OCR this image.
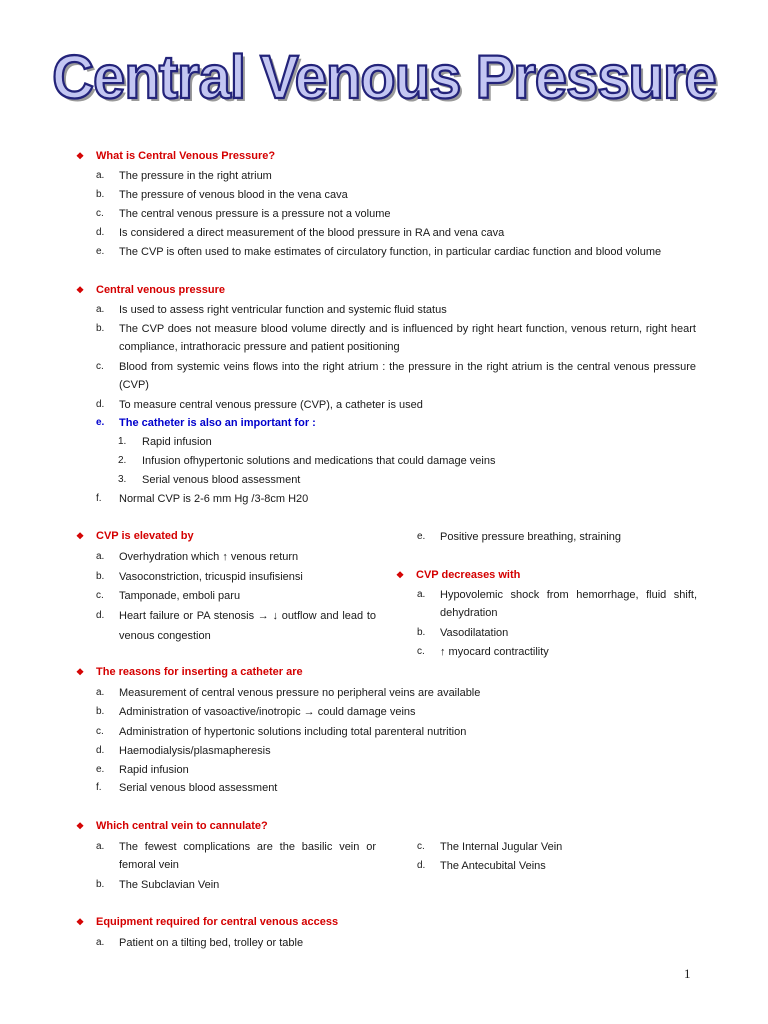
Central Venous Pressure
❖	What is Central Venous Pressure?
a.	The pressure in the right atrium
b.	The pressure of venous blood in the vena cava
c.	The central venous pressure is a pressure not a volume
d.	Is considered a direct measurement of the blood pressure in RA and vena cava
e.	The CVP is often used to make estimates of circulatory function, in particular cardiac function and blood volume
❖	Central venous pressure
a.	Is used to assess right ventricular function and systemic fluid status
b.	The CVP does not measure blood volume directly and is influenced by right heart function, venous return, right heart compliance, intrathoracic pressure and patient positioning
c.	Blood from systemic veins flows into the right atrium : the pressure in the right atrium is the central venous pressure (CVP)
d.	To measure central venous pressure (CVP), a catheter is used
e.	The catheter is also an important for :
1.	Rapid infusion
2.	Infusion ofhypertonic solutions and medications that could damage veins
3.	Serial venous blood assessment
f.	Normal CVP is 2-6 mm Hg /3-8cm H20
❖	CVP is elevated by
a.	Overhydration which ↑ venous return
b.	Vasoconstriction, tricuspid insufisiensi
c.	Tamponade, emboli paru
d.	Heart failure or PA stenosis → ↓ outflow and lead to venous congestion
e.	Positive pressure breathing, straining
❖	CVP decreases with
a.	Hypovolemic shock from hemorrhage, fluid shift, dehydration
b.	Vasodilatation
c.	↑ myocard contractility
❖	The reasons for inserting a catheter are
a.	Measurement of central venous pressure no peripheral veins are available
b.	Administration of vasoactive/inotropic → could damage veins
c.	Administration of hypertonic solutions including total parenteral nutrition
d.	Haemodialysis/plasmapheresis
e.	Rapid infusion
f.	Serial venous blood assessment
❖	Which central vein to cannulate?
a.	The fewest complications are the basilic vein or femoral vein
b.	The Subclavian Vein
c.	The Internal Jugular Vein
d.	The Antecubital Veins
❖	Equipment required for central venous access
a.	Patient on a tilting bed, trolley or table
1
